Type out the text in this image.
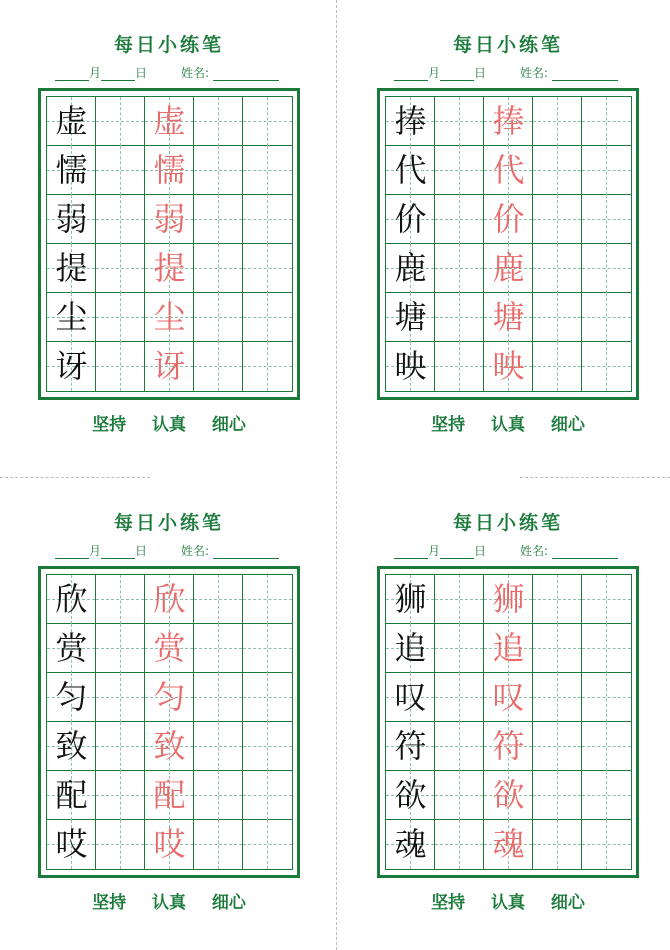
每日小练笔
月	日	姓名:
虚 虚
懦 懦
弱 弱
提 提
尘 尘
讶 讶
坚持 认真 细心
每日小练笔
月	日	姓名:
捧 捧
代 代
价 价
鹿 鹿
塘 塘
映 映
坚持 认真 细心
每日小练笔
月	日	姓名:
欣 欣
赏 赏
匀 匀
致 致
配 配
哎 哎
坚持 认真 细心
每日小练笔
月	日	姓名:
狮 狮
追 追
叹 叹
符 符
欲 欲
魂 魂
坚持 认真 细心
